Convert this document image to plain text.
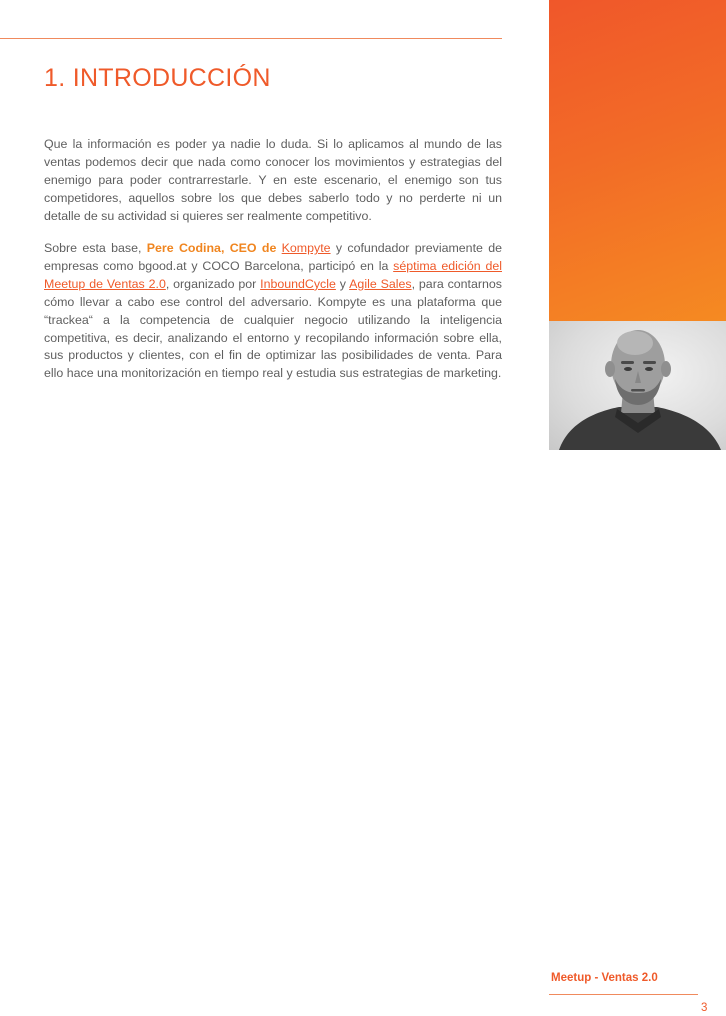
1. INTRODUCCIÓN

Que la información es poder ya nadie lo duda. Si lo aplicamos al mundo de las ventas podemos decir que nada como conocer los movimientos y estrategias del enemigo para poder contrarrestarle. Y en este escenario, el enemigo son tus competidores, aquellos sobre los que debes saberlo todo y no perderte ni un detalle de su actividad si quieres ser realmente competitivo.

Sobre esta base, Pere Codina, CEO de Kompyte y cofundador previamente de empresas como bgood.at y COCO Barcelona, participó en la séptima edición del Meetup de Ventas 2.0, organizado por InboundCycle y Agile Sales, para contarnos cómo llevar a cabo ese control del adversario. Kompyte es una plataforma que “trackea“ a la competencia de cualquier negocio utilizando la inteligencia competitiva, es decir, analizando el entorno y recopilando información sobre ella, sus productos y clientes, con el fin de optimizar las posibilidades de venta. Para ello hace una monitorización en tiempo real y estudia sus estrategias de marketing.

Meetup - Ventas 2.0
3
